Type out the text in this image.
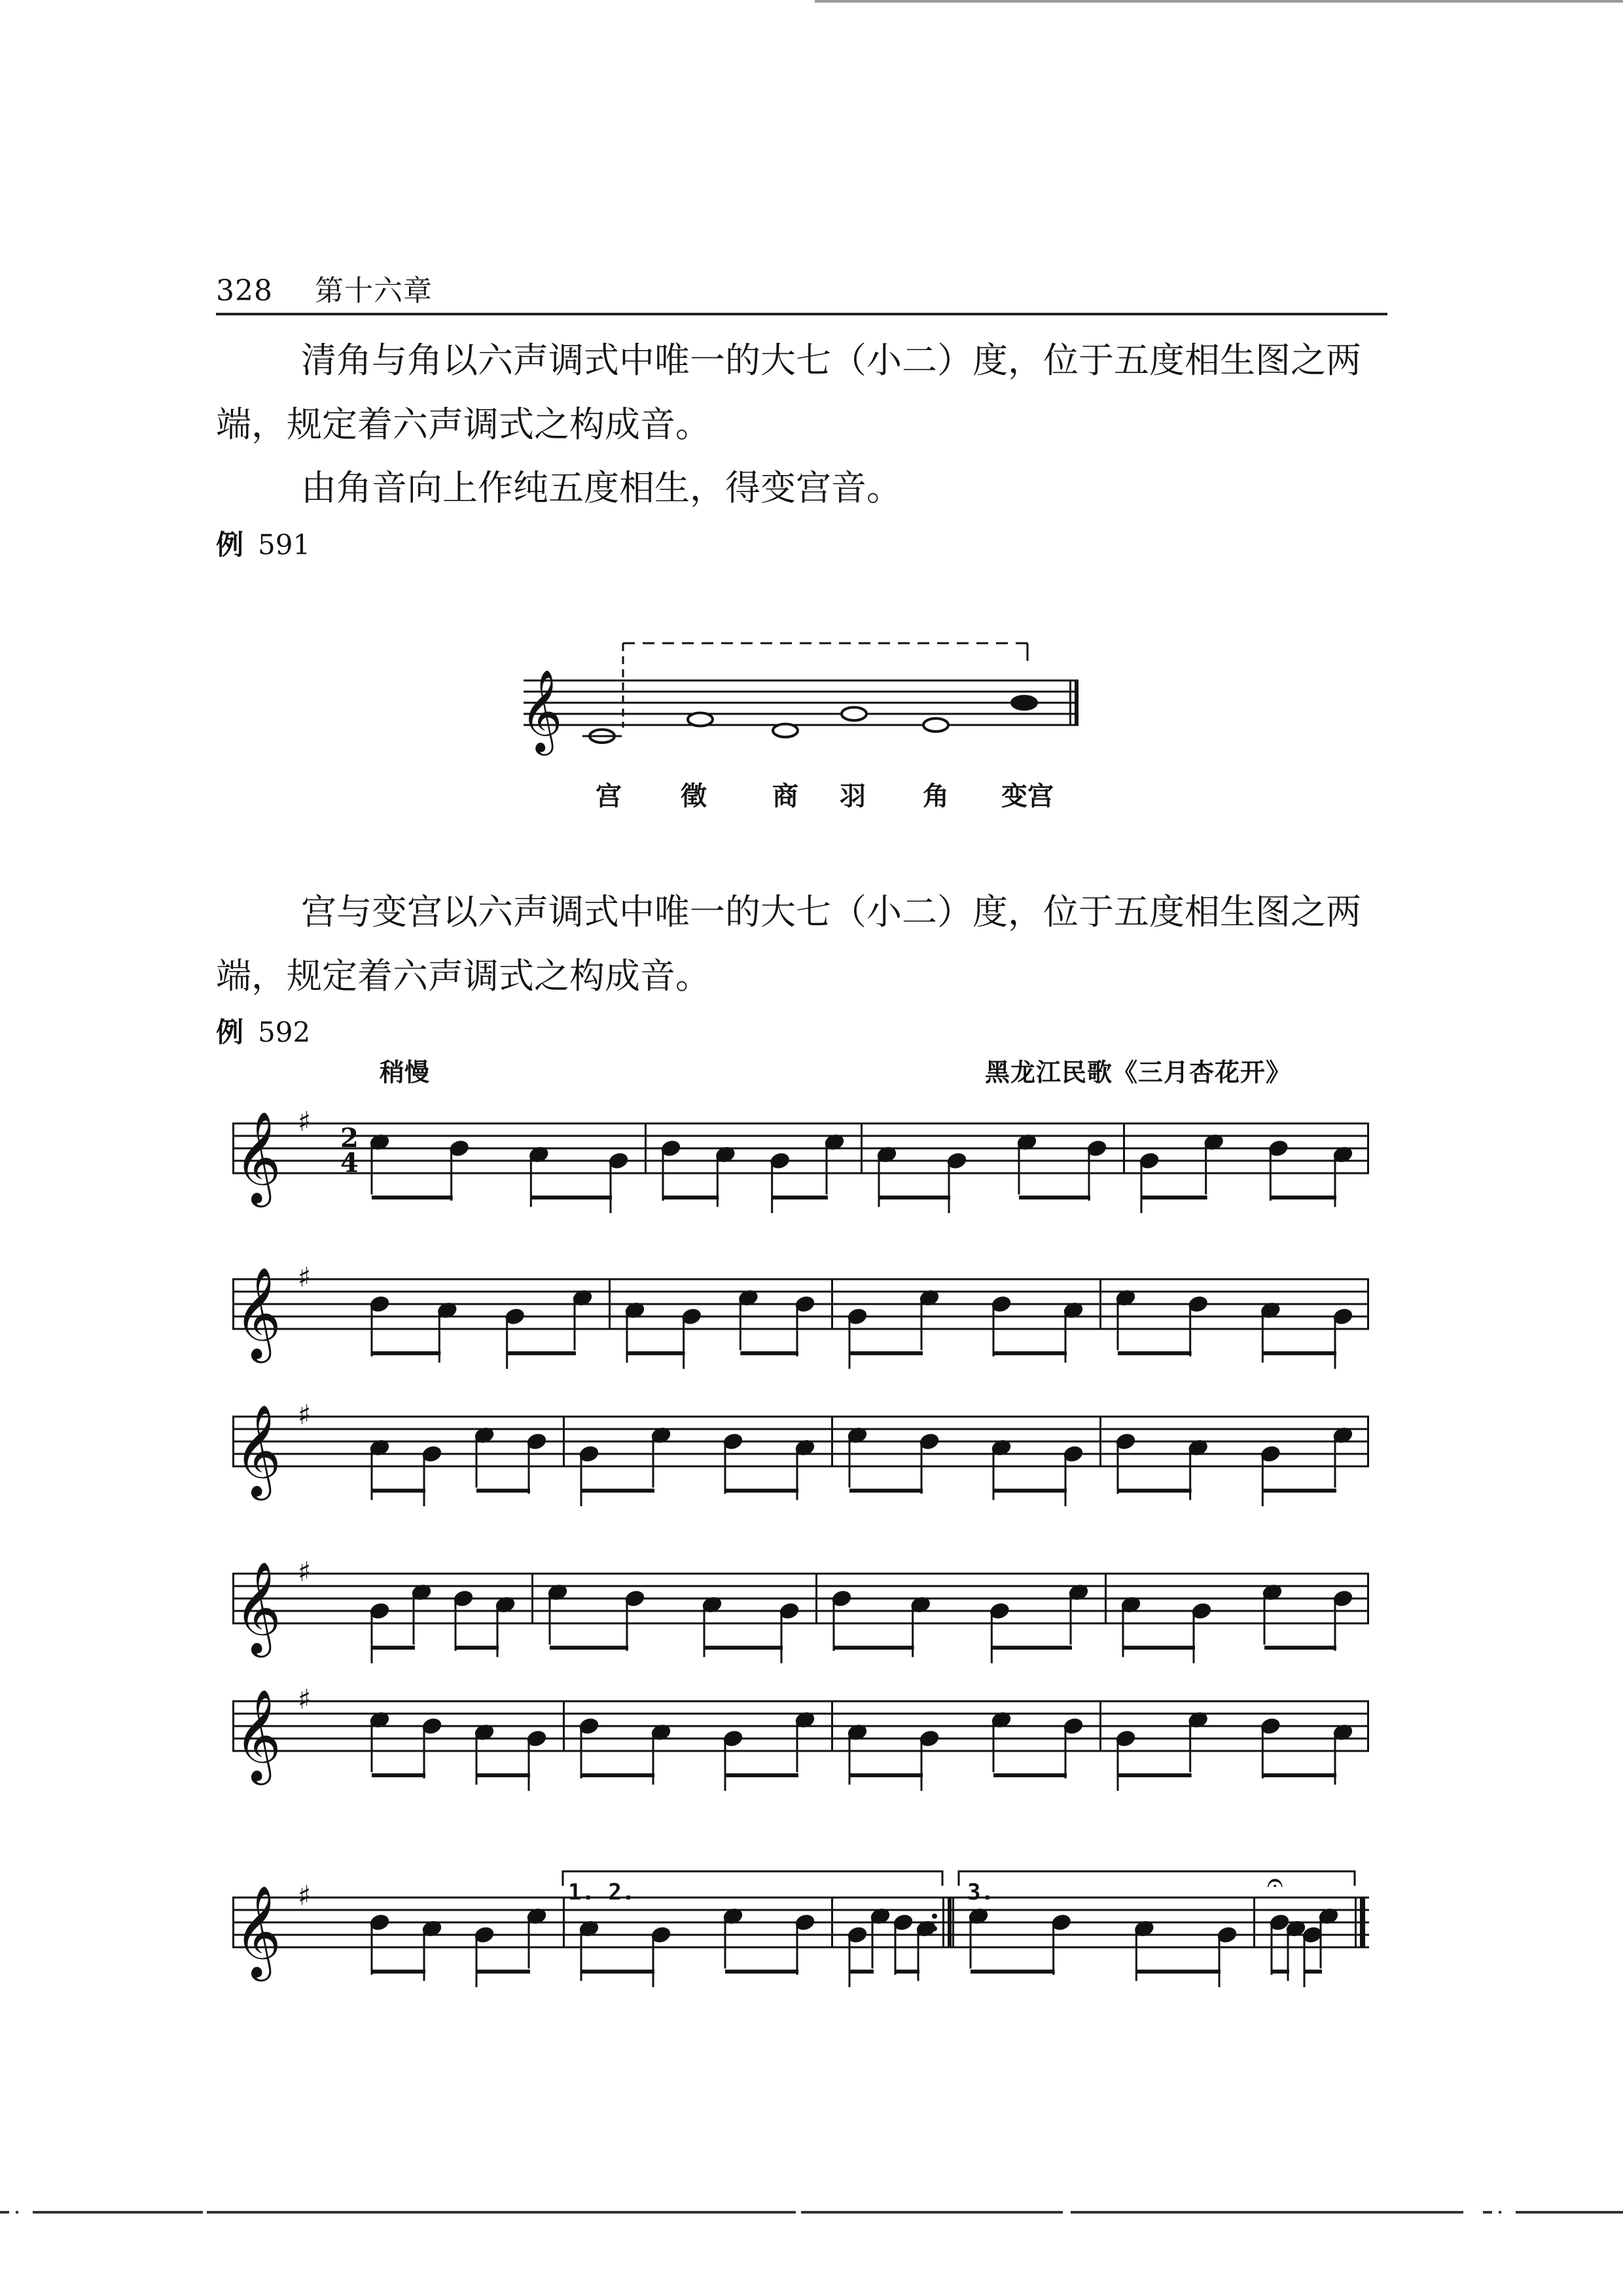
328 第十六章
清角与角以六声调式中唯一的大七（小二）度，位于五度相生图之两端，规定着六声调式之构成音。
由角音向上作纯五度相生，得变宫音。
例 591
宫 徵	商 羽 角 变宫
宫与变宫以六声调式中唯一的大七（小二）度，位于五度相生图之两端，规定着六声调式之构成音。
例 592
稍慢	黑龙江民歌《三月杏花开》
1. 2.	3.
𝄞
𝄞 ♯
2
4
𝄞 ♯
𝄞 ♯
𝄞 ♯
𝄞 ♯
𝄞 ♯	𝄐
